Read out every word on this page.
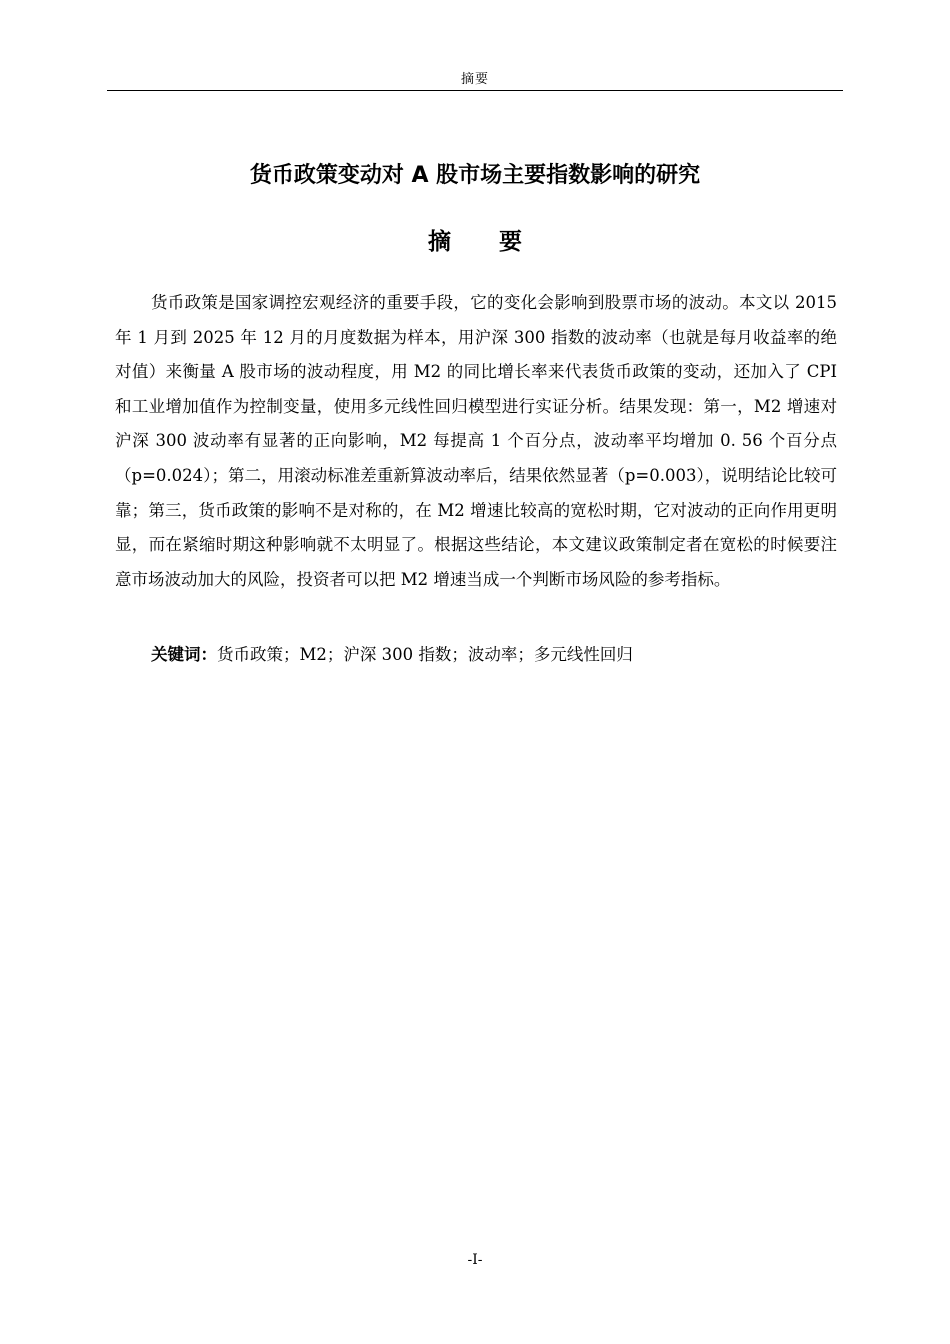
摘要
货币政策变动对 A 股市场主要指数影响的研究
摘要

货币政策是国家调控宏观经济的重要手段，它的变化会影响到股票市场的波动。本文以 2015 年 1 月到 2025 年 12 月的月度数据为样本，用沪深 300 指数的波动率（也就是每月收益率的绝对值）来衡量 A 股市场的波动程度，用 M2 的同比增长率来代表货币政策的变动，还加入了 CPI 和工业增加值作为控制变量，使用多元线性回归模型进行实证分析。结果发现：第一，M2 增速对沪深 300 波动率有显著的正向影响，M2 每提高 1 个百分点，波动率平均增加 0. 56 个百分点（p=0.024）；第二，用滚动标准差重新算波动率后，结果依然显著（p=0.003），说明结论比较可靠；第三，货币政策的影响不是对称的，在 M2 增速比较高的宽松时期，它对波动的正向作用更明显，而在紧缩时期这种影响就不太明显了。根据这些结论，本文建议政策制定者在宽松的时候要注意市场波动加大的风险，投资者可以把 M2 增速当成一个判断市场风险的参考指标。

关键词：货币政策；M2；沪深 300 指数；波动率；多元线性回归

-I-
